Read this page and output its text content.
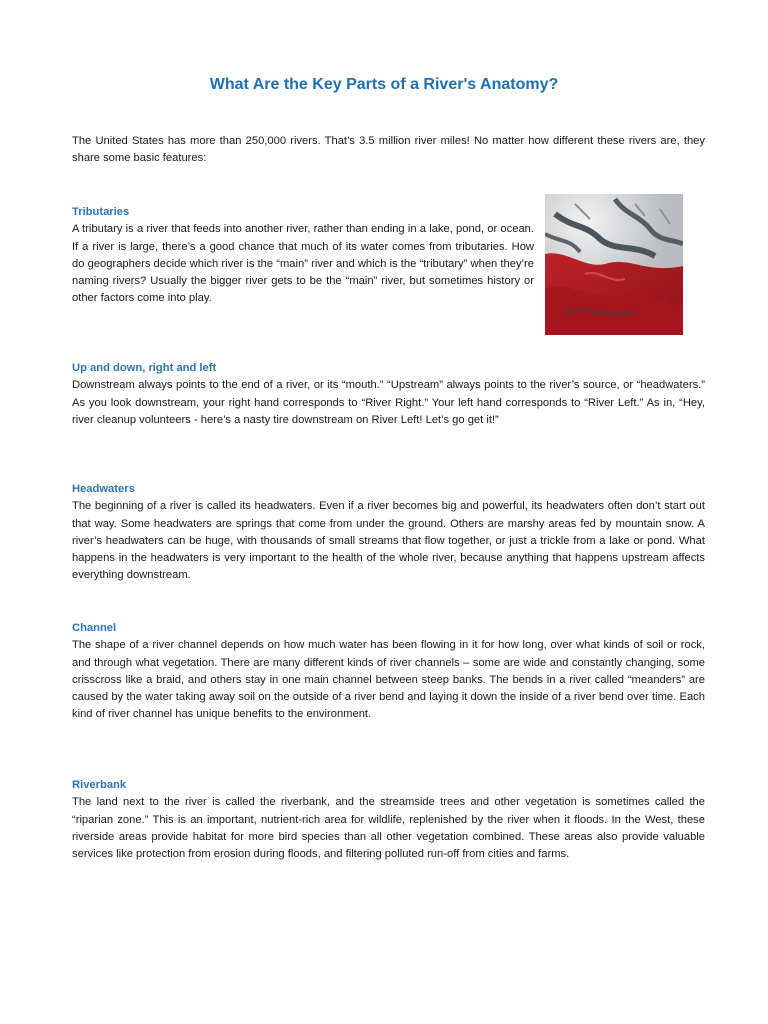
What Are the Key Parts of a River's Anatomy?

The United States has more than 250,000 rivers. That’s 3.5 million river miles! No matter how different these rivers are, they share some basic features:

Tributaries
A tributary is a river that feeds into another river, rather than ending in a lake, pond, or ocean. If a river is large, there’s a good chance that much of its water comes from tributaries. How do geographers decide which river is the “main” river and which is the “tributary” when they’re naming rivers? Usually the bigger river gets to be the “main” river, but sometimes history or other factors come into play.

Up and down, right and left
Downstream always points to the end of a river, or its “mouth.” “Upstream” always points to the river’s source, or “headwaters.” As you look downstream, your right hand corresponds to “River Right.” Your left hand corresponds to “River Left.” As in, “Hey, river cleanup volunteers - here’s a nasty tire downstream on River Left! Let’s go get it!”

Headwaters
The beginning of a river is called its headwaters. Even if a river becomes big and powerful, its headwaters often don’t start out that way. Some headwaters are springs that come from under the ground. Others are marshy areas fed by mountain snow. A river’s headwaters can be huge, with thousands of small streams that flow together, or just a trickle from a lake or pond. What happens in the headwaters is very important to the health of the whole river, because anything that happens upstream affects everything downstream.

Channel
The shape of a river channel depends on how much water has been flowing in it for how long, over what kinds of soil or rock, and through what vegetation. There are many different kinds of river channels – some are wide and constantly changing, some crisscross like a braid, and others stay in one main channel between steep banks. The bends in a river called “meanders” are caused by the water taking away soil on the outside of a river bend and laying it down the inside of a river bend over time. Each kind of river channel has unique benefits to the environment.

Riverbank
The land next to the river is called the riverbank, and the streamside trees and other vegetation is sometimes called the “riparian zone.” This is an important, nutrient-rich area for wildlife, replenished by the river when it floods. In the West, these riverside areas provide habitat for more bird species than all other vegetation combined. These areas also provide valuable services like protection from erosion during floods, and filtering polluted run-off from cities and farms.
